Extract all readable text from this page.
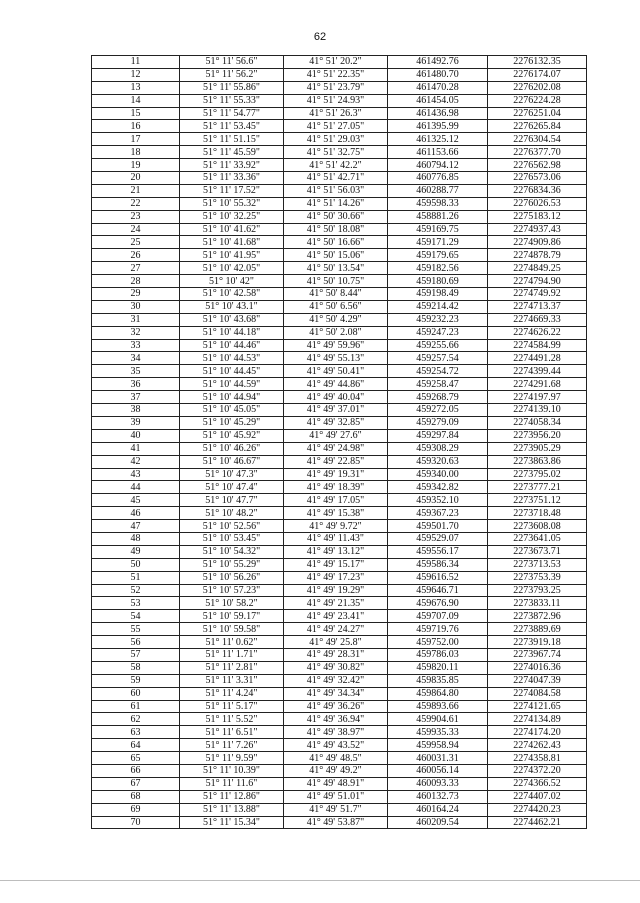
62
11	51° 11' 56.6"	41° 51' 20.2"	461492.76	2276132.35
12	51° 11' 56.2"	41° 51' 22.35"	461480.70	2276174.07
13	51° 11' 55.86"	41° 51' 23.79"	461470.28	2276202.08
14	51° 11' 55.33"	41° 51' 24.93"	461454.05	2276224.28
15	51° 11' 54.77"	41° 51' 26.3"	461436.98	2276251.04
16	51° 11' 53.45"	41° 51' 27.05"	461395.99	2276265.84
17	51° 11' 51.15"	41° 51' 29.03"	461325.12	2276304.54
18	51° 11' 45.59"	41° 51' 32.75"	461153.66	2276377.70
19	51° 11' 33.92"	41° 51' 42.2"	460794.12	2276562.98
20	51° 11' 33.36"	41° 51' 42.71"	460776.85	2276573.06
21	51° 11' 17.52"	41° 51' 56.03"	460288.77	2276834.36
22	51° 10' 55.32"	41° 51' 14.26"	459598.33	2276026.53
23	51° 10' 32.25"	41° 50' 30.66"	458881.26	2275183.12
24	51° 10' 41.62"	41° 50' 18.08"	459169.75	2274937.43
25	51° 10' 41.68"	41° 50' 16.66"	459171.29	2274909.86
26	51° 10' 41.95"	41° 50' 15.06"	459179.65	2274878.79
27	51° 10' 42.05"	41° 50' 13.54"	459182.56	2274849.25
28	51° 10' 42"	41° 50' 10.75"	459180.69	2274794.90
29	51° 10' 42.58"	41° 50' 8.44"	459198.49	2274749.92
30	51° 10' 43.1"	41° 50' 6.56"	459214.42	2274713.37
31	51° 10' 43.68"	41° 50' 4.29"	459232.23	2274669.33
32	51° 10' 44.18"	41° 50' 2.08"	459247.23	2274626.22
33	51° 10' 44.46"	41° 49' 59.96"	459255.66	2274584.99
34	51° 10' 44.53"	41° 49' 55.13"	459257.54	2274491.28
35	51° 10' 44.45"	41° 49' 50.41"	459254.72	2274399.44
36	51° 10' 44.59"	41° 49' 44.86"	459258.47	2274291.68
37	51° 10' 44.94"	41° 49' 40.04"	459268.79	2274197.97
38	51° 10' 45.05"	41° 49' 37.01"	459272.05	2274139.10
39	51° 10' 45.29"	41° 49' 32.85"	459279.09	2274058.34
40	51° 10' 45.92"	41° 49' 27.6"	459297.84	2273956.20
41	51° 10' 46.26"	41° 49' 24.98"	459308.29	2273905.29
42	51° 10' 46.67"	41° 49' 22.85"	459320.63	2273863.86
43	51° 10' 47.3"	41° 49' 19.31"	459340.00	2273795.02
44	51° 10' 47.4"	41° 49' 18.39"	459342.82	2273777.21
45	51° 10' 47.7"	41° 49' 17.05"	459352.10	2273751.12
46	51° 10' 48.2"	41° 49' 15.38"	459367.23	2273718.48
47	51° 10' 52.56"	41° 49' 9.72"	459501.70	2273608.08
48	51° 10' 53.45"	41° 49' 11.43"	459529.07	2273641.05
49	51° 10' 54.32"	41° 49' 13.12"	459556.17	2273673.71
50	51° 10' 55.29"	41° 49' 15.17"	459586.34	2273713.53
51	51° 10' 56.26"	41° 49' 17.23"	459616.52	2273753.39
52	51° 10' 57.23"	41° 49' 19.29"	459646.71	2273793.25
53	51° 10' 58.2"	41° 49' 21.35"	459676.90	2273833.11
54	51° 10' 59.17"	41° 49' 23.41"	459707.09	2273872.96
55	51° 10' 59.58"	41° 49' 24.27"	459719.76	2273889.69
56	51° 11' 0.62"	41° 49' 25.8"	459752.00	2273919.18
57	51° 11' 1.71"	41° 49' 28.31"	459786.03	2273967.74
58	51° 11' 2.81"	41° 49' 30.82"	459820.11	2274016.36
59	51° 11' 3.31"	41° 49' 32.42"	459835.85	2274047.39
60	51° 11' 4.24"	41° 49' 34.34"	459864.80	2274084.58
61	51° 11' 5.17"	41° 49' 36.26"	459893.66	2274121.65
62	51° 11' 5.52"	41° 49' 36.94"	459904.61	2274134.89
63	51° 11' 6.51"	41° 49' 38.97"	459935.33	2274174.20
64	51° 11' 7.26"	41° 49' 43.52"	459958.94	2274262.43
65	51° 11' 9.59"	41° 49' 48.5"	460031.31	2274358.81
66	51° 11' 10.39"	41° 49' 49.2"	460056.14	2274372.20
67	51° 11' 11.6"	41° 49' 48.91"	460093.33	2274366.52
68	51° 11' 12.86"	41° 49' 51.01"	460132.73	2274407.02
69	51° 11' 13.88"	41° 49' 51.7"	460164.24	2274420.23
70	51° 11' 15.34"	41° 49' 53.87"	460209.54	2274462.21
